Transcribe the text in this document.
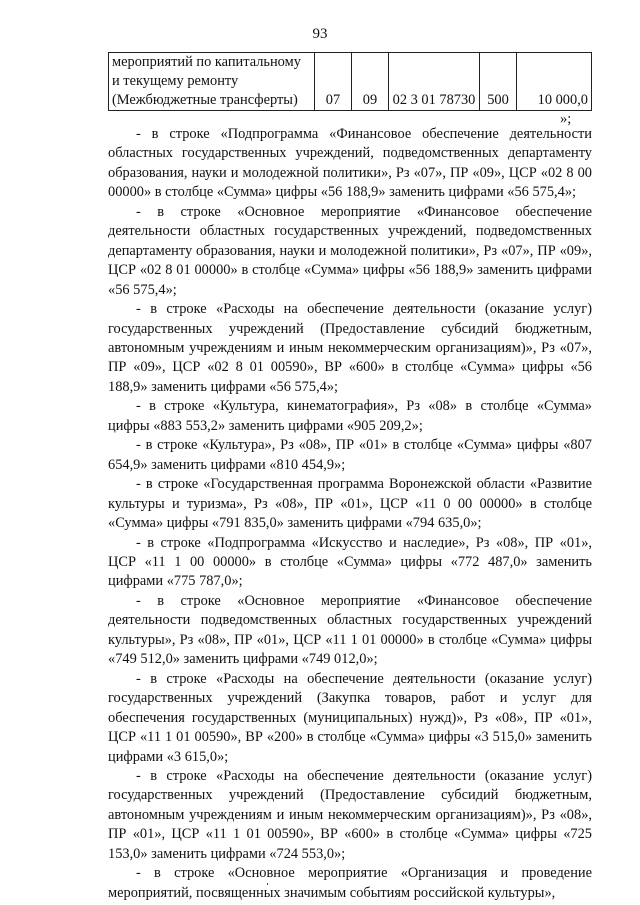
93
мероприятий по капитальному и текущему ремонту (Межбюджетные трансферты)	07	09	02 3 01 78730	500	10 000,0
»;

- в строке «Подпрограмма «Финансовое обеспечение деятельности областных государственных учреждений, подведомственных департаменту образования, науки и молодежной политики», Рз «07», ПР «09», ЦСР «02 8 00 00000» в столбце «Сумма» цифры «56 188,9» заменить цифрами «56 575,4»;

- в строке «Основное мероприятие «Финансовое обеспечение деятельности областных государственных учреждений, подведомственных департаменту образования, науки и молодежной политики», Рз «07», ПР «09», ЦСР «02 8 01 00000» в столбце «Сумма» цифры «56 188,9» заменить цифрами «56 575,4»;

- в строке «Расходы на обеспечение деятельности (оказание услуг) государственных учреждений (Предоставление субсидий бюджетным, автономным учреждениям и иным некоммерческим организациям)», Рз «07», ПР «09», ЦСР «02 8 01 00590», ВР «600» в столбце «Сумма» цифры «56 188,9» заменить цифрами «56 575,4»;

- в строке «Культура, кинематография», Рз «08» в столбце «Сумма» цифры «883 553,2» заменить цифрами «905 209,2»;

- в строке «Культура», Рз «08», ПР «01» в столбце «Сумма» цифры «807 654,9» заменить цифрами «810 454,9»;

- в строке «Государственная программа Воронежской области «Развитие культуры и туризма», Рз «08», ПР «01», ЦСР «11 0 00 00000» в столбце «Сумма» цифры «791 835,0» заменить цифрами «794 635,0»;

- в строке «Подпрограмма «Искусство и наследие», Рз «08», ПР «01», ЦСР «11 1 00 00000» в столбце «Сумма» цифры «772 487,0» заменить цифрами «775 787,0»;

- в строке «Основное мероприятие «Финансовое обеспечение деятельности подведомственных областных государственных учреждений культуры», Рз «08», ПР «01», ЦСР «11 1 01 00000» в столбце «Сумма» цифры «749 512,0» заменить цифрами «749 012,0»;

- в строке «Расходы на обеспечение деятельности (оказание услуг) государственных учреждений (Закупка товаров, работ и услуг для обеспечения государственных (муниципальных) нужд)», Рз «08», ПР «01», ЦСР «11 1 01 00590», ВР «200» в столбце «Сумма» цифры «3 515,0» заменить цифрами «3 615,0»;

- в строке «Расходы на обеспечение деятельности (оказание услуг) государственных учреждений (Предоставление субсидий бюджетным, автономным учреждениям и иным некоммерческим организациям)», Рз «08», ПР «01», ЦСР «11 1 01 00590», ВР «600» в столбце «Сумма» цифры «725 153,0» заменить цифрами «724 553,0»;

- в строке «Основное мероприятие «Организация и проведение мероприятий, посвященных значимым событиям российской культуры»,
